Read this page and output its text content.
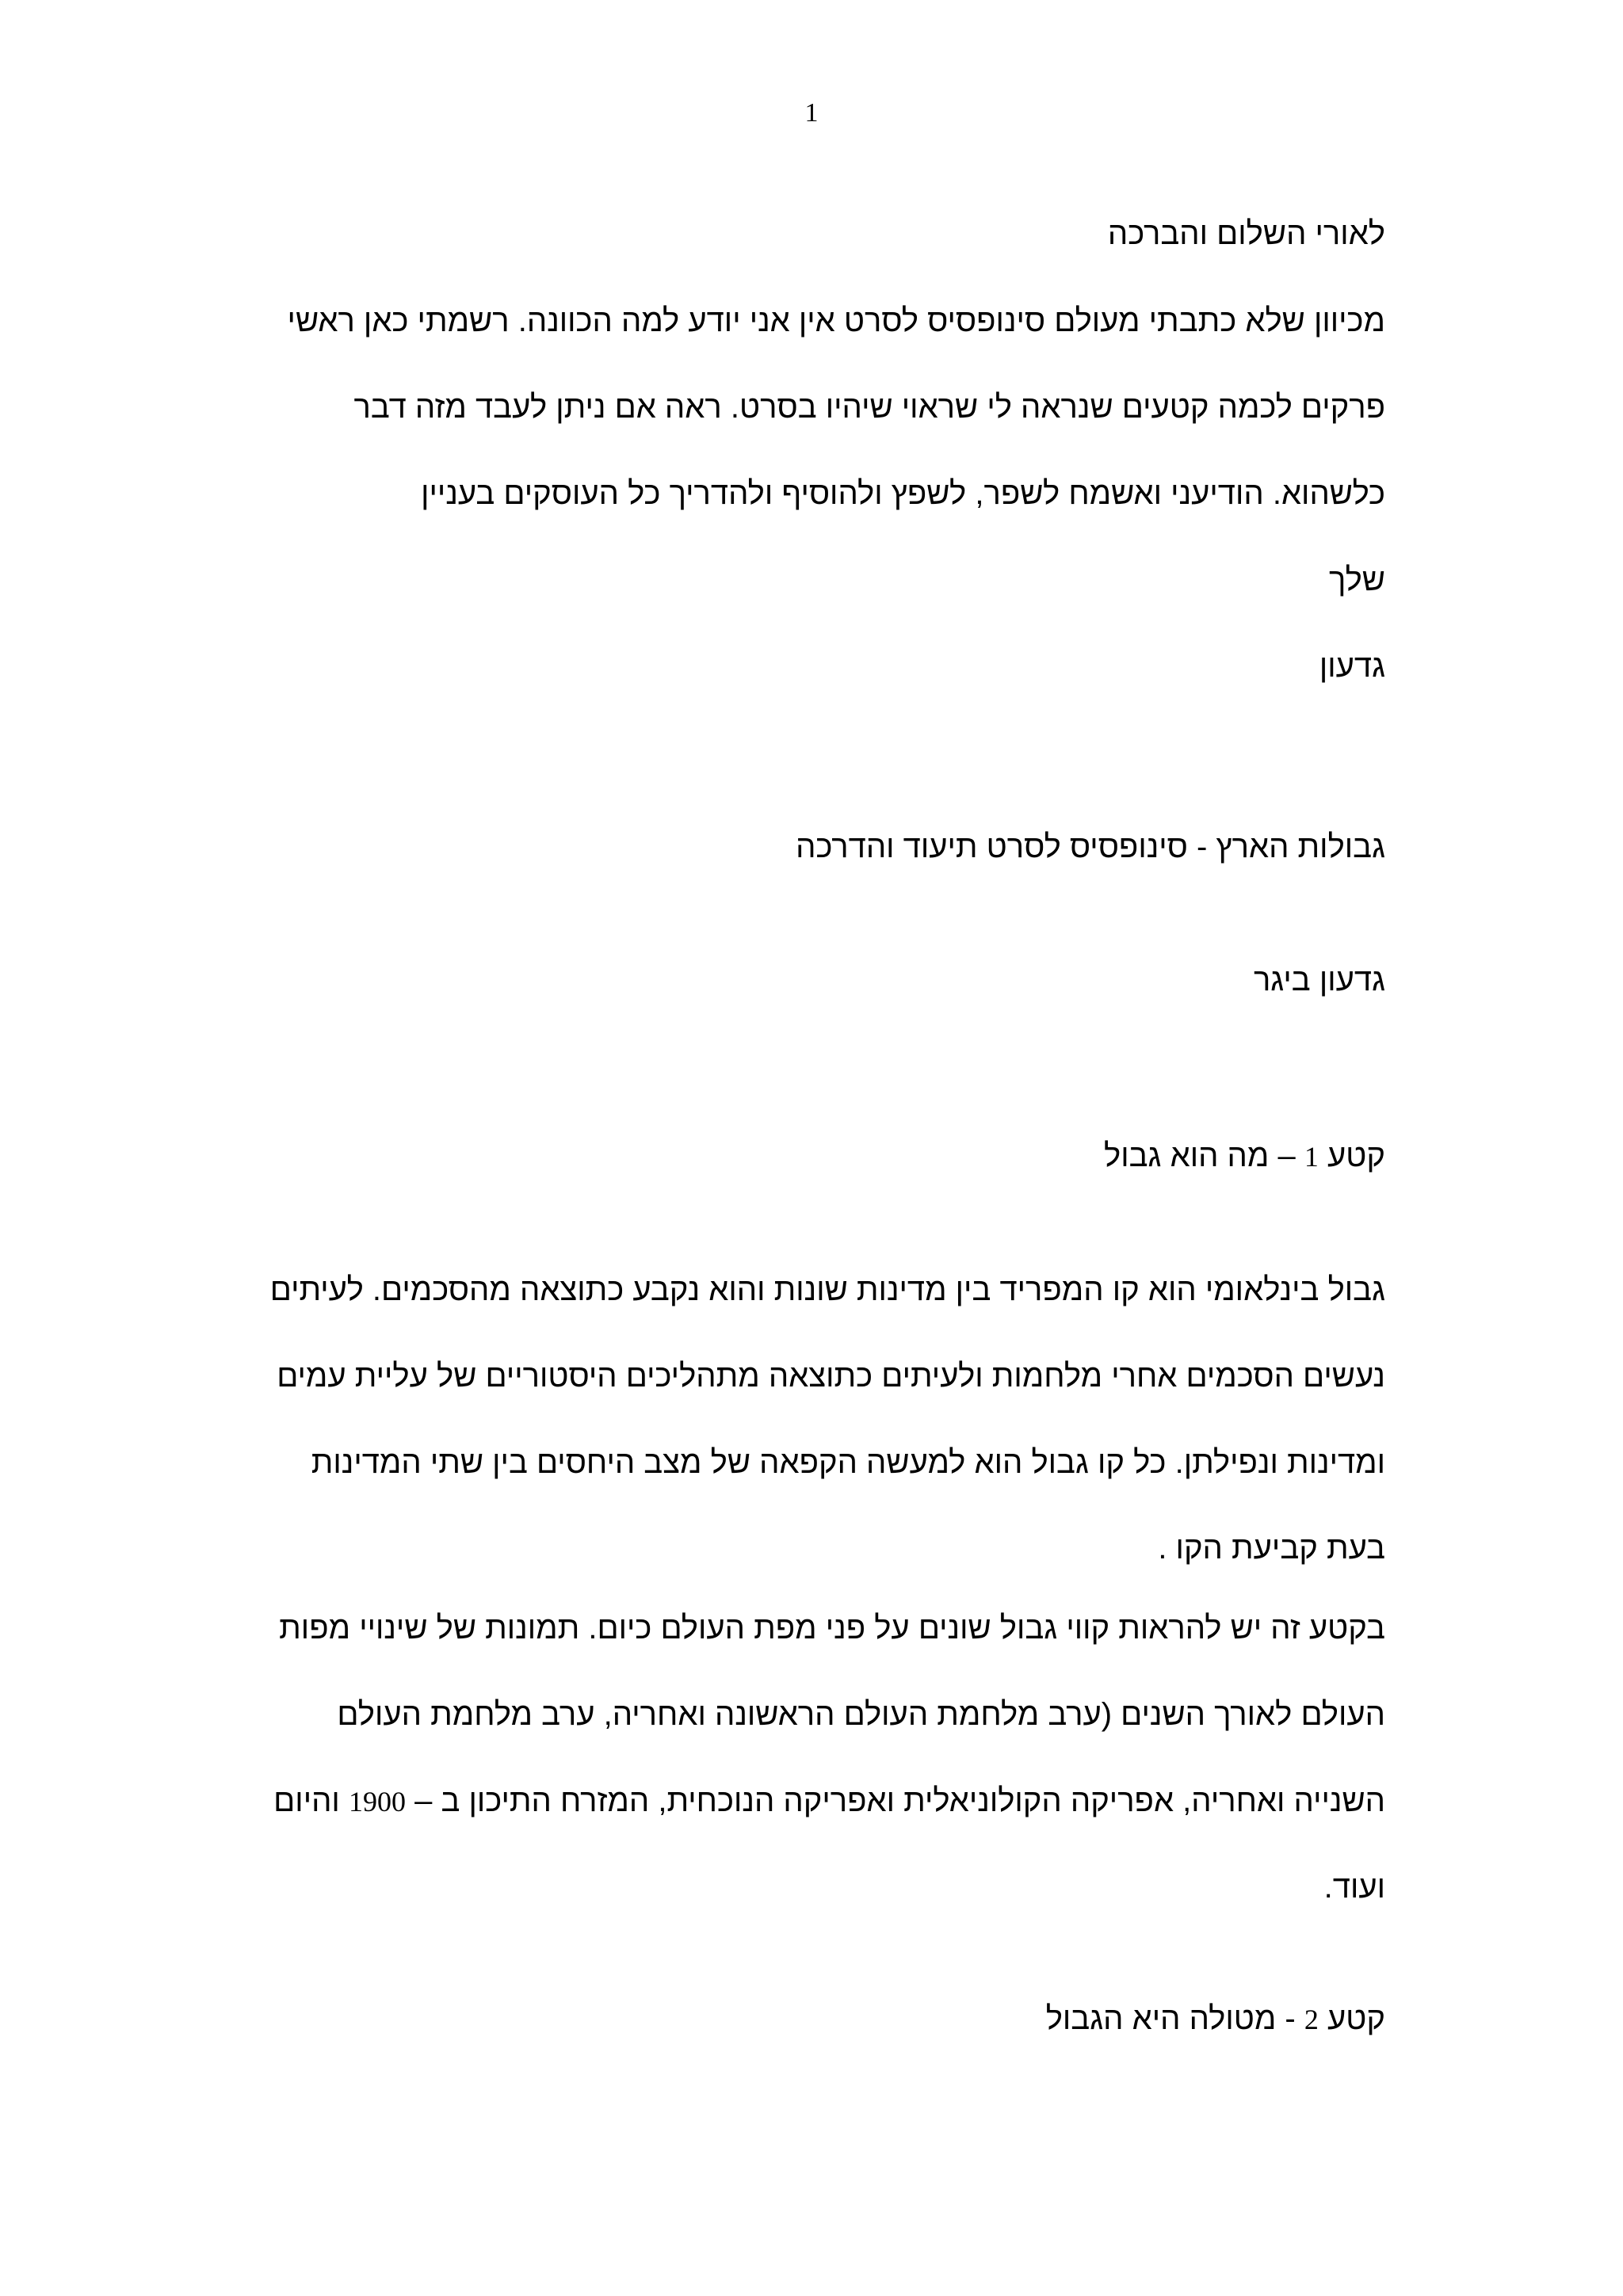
1
לאורי השלום והברכה
מכיוון שלא כתבתי מעולם סינופסיס לסרט אין אני יודע למה הכוונה. רשמתי כאן ראשי
פרקים לכמה קטעים שנראה לי שראוי שיהיו בסרט. ראה אם ניתן לעבד מזה דבר
כלשהוא. הודיעני ואשמח לשפר, לשפץ ולהוסיף ולהדריך כל העוסקים בעניין
שלך
גדעון
גבולות הארץ - סינופסיס לסרט תיעוד והדרכה
גדעון ביגר
קטע 1 – מה הוא גבול
גבול בינלאומי הוא קו המפריד בין מדינות שונות והוא נקבע כתוצאה מהסכמים. לעיתים
נעשים הסכמים אחרי מלחמות ולעיתים כתוצאה מתהליכים היסטוריים של עליית עמים
ומדינות ונפילתן. כל קו גבול הוא למעשה הקפאה של מצב היחסים בין שתי המדינות
בעת קביעת הקו .
בקטע זה יש להראות קווי גבול שונים על פני מפת העולם כיום. תמונות של שינויי מפות
העולם לאורך השנים (ערב מלחמת העולם הראשונה ואחריה, ערב מלחמת העולם
השנייה ואחריה, אפריקה הקולוניאלית ואפריקה הנוכחית, המזרח התיכון ב – 1900 והיום
ועוד.
קטע 2 - מטולה היא הגבול
